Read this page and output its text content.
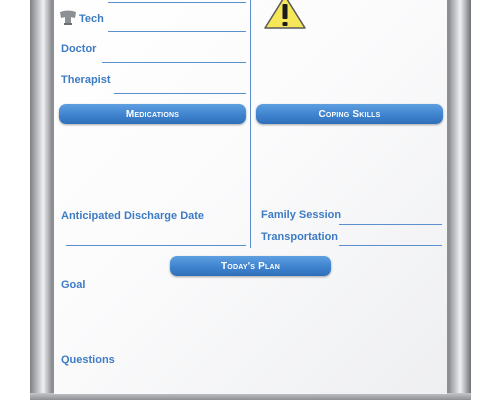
Tech
Doctor
Therapist
Medications	Coping Skills
Anticipated Discharge Date	Family Session
Transportation
Today's Plan
Goal
Questions
